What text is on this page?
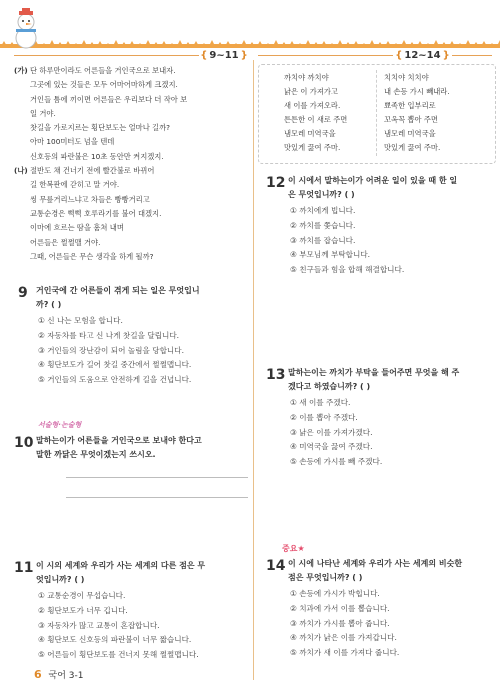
{ 9~11 }	{ 12~14 }
(가) 단 하루만이라도 어른들을 거인국으로 보내자.
그곳에 있는 것들은 모두 어마어마하게 크겠지.
거인들 틈에 끼이면 어른들은 우리보다 더 작아 보
일 거야.
찻길을 가로지르는 횡단보도는 얼마나 길까?
아마 100미터도 넘을 텐데
신호등의 파란불은 10초 동안만 켜지겠지.
(나) 절반도 채 건너기 전에 빨간불로 바뀌어
길 한복판에 갇히고 말 거야.
씽 무릎거리느냐고 차들은 빵빵거리고
교통순경은 삑삑 호루라기를 불어 대겠지.
이마에 흐르는 땀을 훔쳐 내며
어른들은 쩔쩔맬 거야.
그때, 어른들은 무슨 생각을 하게 될까?
까치야 까치야
낡은 이 가져가고
새 이를 가져오라.
튼튼한 이 새로 주면
냄모레 미역국을
맛있게 끓여 주마.
치치야 치치야
내 손등 가시 빼내라.
뾰족한 입부리로
꼬옥꼭 뽑아 주면
냄모레 미역국을
맛있게 끓여 주마.
9 거인국에 간 어른들이 겪게 되는 일은 무엇입니
까? ( )
① 신 나는 모험을 합니다.
② 자동차를 타고 신 나게 찻길을 달립니다.
③ 거인들의 장난감이 되어 놀림을 당합니다.
④ 횡단보도가 길어 찻길 중간에서 쩔쩔맵니다.
⑤ 거인들의 도움으로 안전하게 길을 건넙니다.
서술형·논술형
10 말하는이가 어른들을 거인국으로 보내야 한다고
말한 까닭은 무엇이겠는지 쓰시오.
11 이 시의 세계와 우리가 사는 세계의 다른 점은 무
엇입니까? ( )
① 교통순경이 무섭습니다.
② 횡단보도가 너무 깁니다.
③ 자동차가 많고 교통이 혼잡합니다.
④ 횡단보도 신호등의 파란불이 너무 짧습니다.
⑤ 어른들이 횡단보도를 건너지 못해 쩔쩔맵니다.
12 이 시에서 말하는이가 어려운 일이 있을 때 한 일
은 무엇입니까? ( )
① 까치에게 빕니다.
② 까치를 쫓습니다.
③ 까치를 잡습니다.
④ 부모님께 부탁합니다.
⑤ 친구들과 힘을 합해 해결합니다.
13 말하는이는 까치가 부탁을 들어주면 무엇을 해 주
겠다고 하였습니까? ( )
① 새 이를 주겠다.
② 이를 뽑아 주겠다.
③ 낡은 이를 가져가겠다.
④ 미역국을 끓여 주겠다.
⑤ 손등에 가시를 빼 주겠다.
중요★
14 이 시에 나타난 세계와 우리가 사는 세계의 비슷한
점은 무엇입니까? ( )
① 손등에 가시가 박힙니다.
② 치과에 가서 이를 뽑습니다.
③ 까치가 가시를 뽑아 줍니다.
④ 까치가 낡은 이를 가져갑니다.
⑤ 까치가 새 이를 가져다 줍니다.
6 국어 3-1
